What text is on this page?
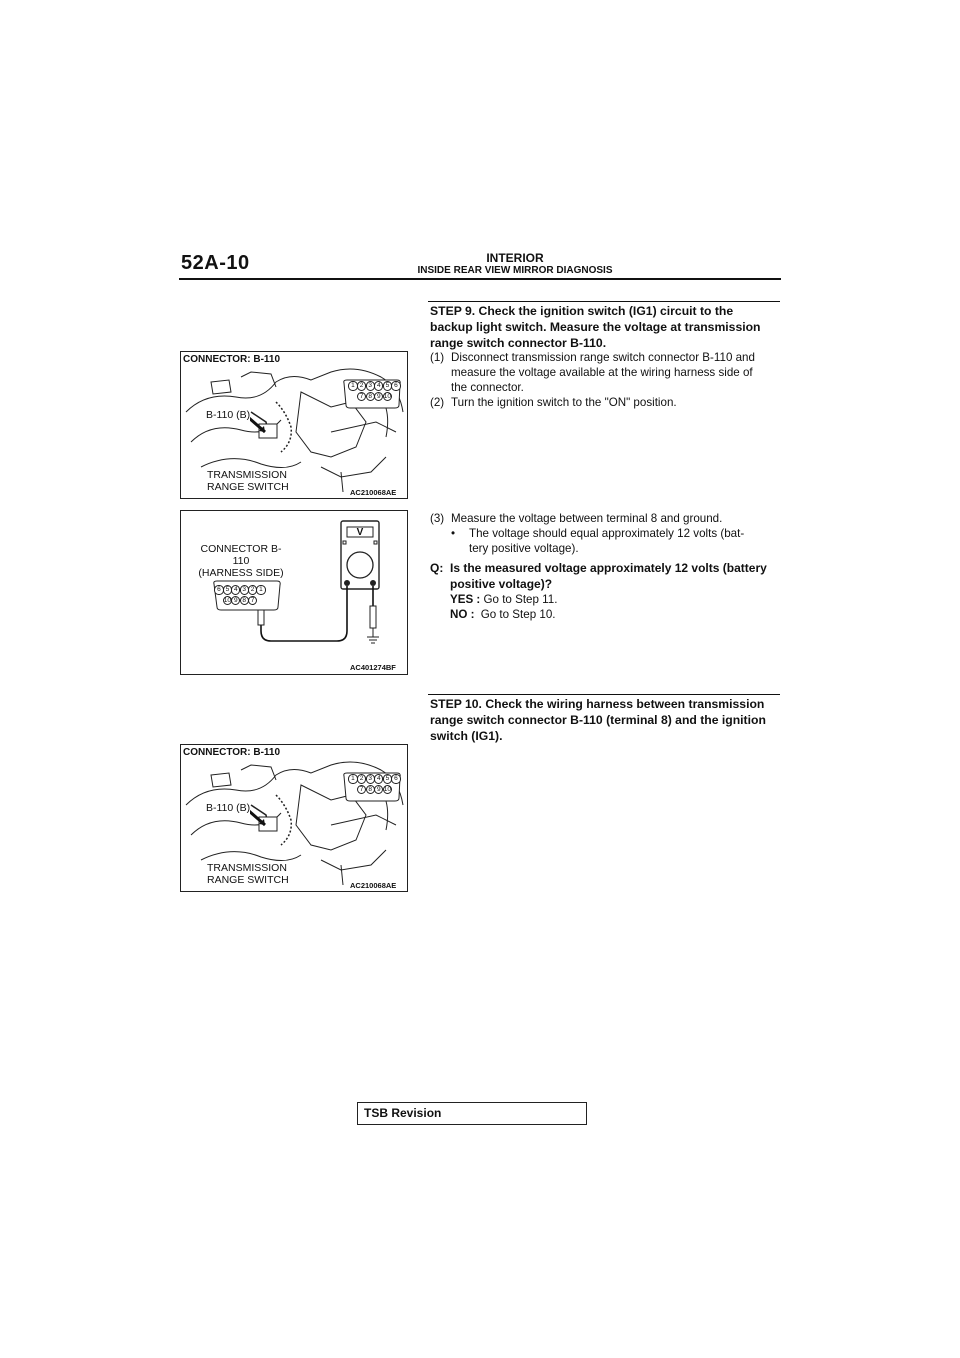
52A-10	INTERIOR
INSIDE REAR VIEW MIRROR DIAGNOSIS
STEP 9. Check the ignition switch (IG1) circuit to the
backup light switch. Measure the voltage at transmission
range switch connector B-110.
(1) Disconnect transmission range switch connector B-110 and
measure the voltage available at the wiring harness side of
the connector.
(2) Turn the ignition switch to the "ON" position.
(3) Measure the voltage between terminal 8 and ground.
• The voltage should equal approximately 12 volts (bat-
tery positive voltage).
Q: Is the measured voltage approximately 12 volts (battery
positive voltage)?
YES : Go to Step 11.
NO : Go to Step 10.
STEP 10. Check the wiring harness between transmission
range switch connector B-110 (terminal 8) and the ignition
switch (IG1).
1 2 3 4 5 6
7 8 9 10
CONNECTOR: B-110
B-110 (B)
TRANSMISSION
RANGE SWITCH	AC210068AE
CONNECTOR B-110
(HARNESS SIDE)
V
6 5 4 3 2 1
10 9 8 7
AC401274BF
1 2 3 4 5 6
7 8 9 10
CONNECTOR: B-110
B-110 (B)
TRANSMISSION
RANGE SWITCH	AC210068AE
TSB Revision
